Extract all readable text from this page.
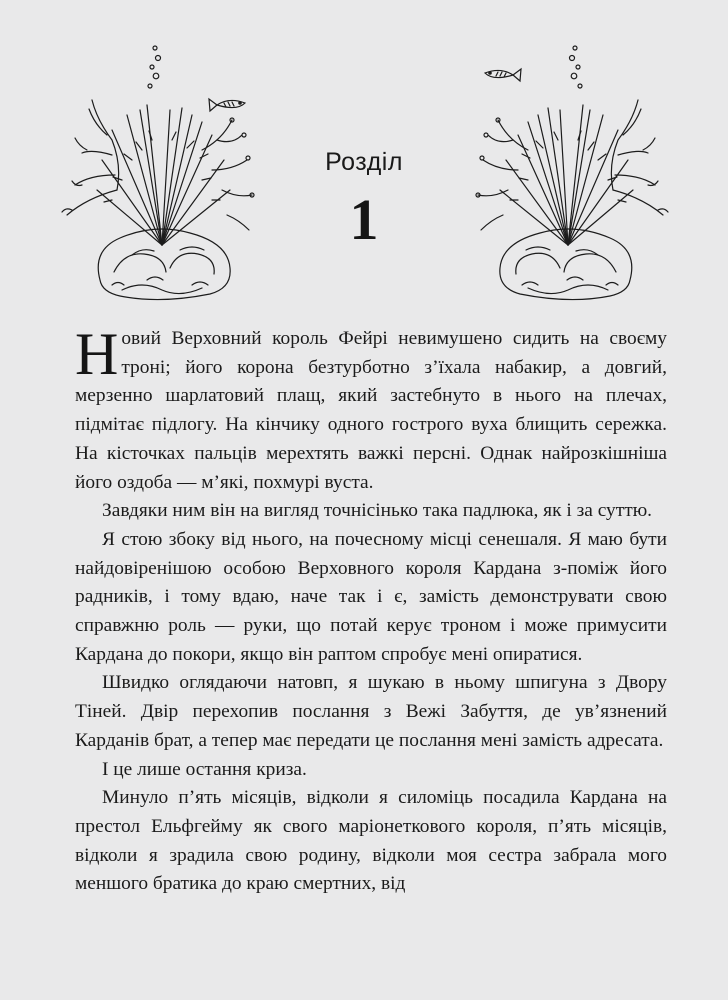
Розділ
1

Новий Верховний король Фейрі невимушено сидить на своєму троні; його корона безтурботно з’їхала набакир, а довгий, мерзенно шарлатовий плащ, який застебнуто в нього на плечах, підмітає підлогу. На кінчику одного гострого вуха блищить сережка. На кісточках пальців мерехтять важкі персні. Однак найрозкішніша його оздоба — м’які, похмурі вуста.

Завдяки ним він на вигляд точнісінько така падлюка, як і за суттю.

Я стою збоку від нього, на почесному місці сенешаля. Я маю бути найдовіренішою особою Верховного короля Кардана з-поміж його радників, і тому вдаю, наче так і є, замість демонструвати свою справжню роль — руки, що потай керує троном і може примусити Кардана до покори, якщо він раптом спробує мені опиратися.

Швидко оглядаючи натовп, я шукаю в ньому шпигуна з Двору Тіней. Двір перехопив послання з Вежі Забуття, де ув’язнений Карданів брат, а тепер має передати це послання мені замість адресата.

І це лише остання криза.

Минуло п’ять місяців, відколи я силоміць посадила Кардана на престол Ельфгейму як свого маріонеткового короля, п’ять місяців, відколи я зрадила свою родину, відколи моя сестра забрала мого меншого братика до краю смертних, від
